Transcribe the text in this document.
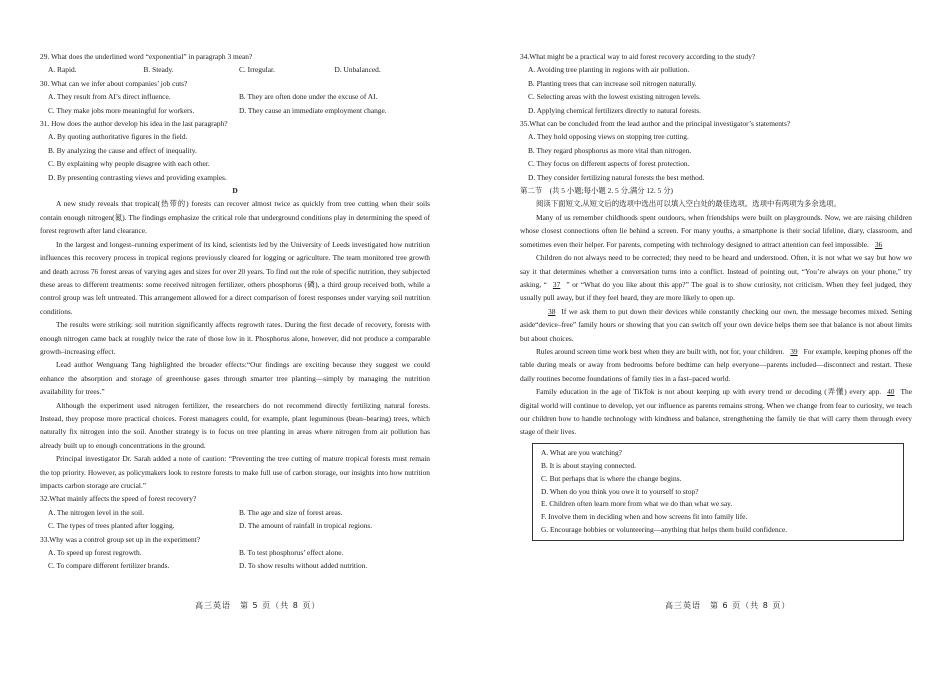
29. What does the underlined word “exponential” in paragraph 3 mean?

A. Rapid.	B. Steady.	C. Irregular.	D. Unbalanced.

30. What can we infer about companies’ job cuts?

A. They result from AI’s direct influence.	B. They are often done under the excuse of AI.
C. They make jobs more meaningful for workers.	D. They cause an immediate employment change.

31. How does the author develop his idea in the last paragraph?

A. By quoting authoritative figures in the field.
B. By analyzing the cause and effect of inequality.
C. By explaining why people disagree with each other.
D. By presenting contrasting views and providing examples.
D

A new study reveals that tropical(热带的) forests can recover almost twice as quickly from tree cutting when their soils contain enough nitrogen(氮). The findings emphasize the critical role that underground conditions play in determining the speed of forest regrowth after land clearance.

In the largest and longest–running experiment of its kind, scientists led by the University of Leeds investigated how nutrition influences this recovery process in tropical regions previously cleared for logging or agriculture. The team monitored tree growth and death across 76 forest areas of varying ages and sizes for over 20 years. To find out the role of specific nutrition, they subjected these areas to different treatments: some received nitrogen fertilizer, others phosphorus (磷), a third group received both, while a control group was left untreated. This arrangement allowed for a direct comparison of forest responses under varying soil nutrition conditions.

The results were striking: soil nutrition significantly affects regrowth rates. During the first decade of recovery, forests with enough nitrogen came back at roughly twice the rate of those low in it. Phosphorus alone, however, did not produce a comparable growth–increasing effect.

Lead author Wenguang Tang highlighted the broader effects:“Our findings are exciting because they suggest we could enhance the absorption and storage of greenhouse gases through smarter tree planting—simply by managing the nutrition availability for trees.”

Although the experiment used nitrogen fertilizer, the researchers do not recommend directly fertilizing natural forests. Instead, they propose more practical choices. Forest managers could, for example, plant leguminous (bean–bearing) trees, which naturally fix nitrogen into the soil. Another strategy is to focus on tree planting in areas where nitrogen from air pollution has already built up to enough concentrations in the ground.

Principal investigator Dr. Sarah added a note of caution: “Preventing the tree cutting of mature tropical forests must remain the top priority. However, as policymakers look to restore forests to make full use of carbon storage, our insights into how nutrition impacts carbon storage are crucial.”

32.What mainly affects the speed of forest recovery?

A. The nitrogen level in the soil.	B. The age and size of forest areas.
C. The types of trees planted after logging.	D. The amount of rainfall in tropical regions.

33.Why was a control group set up in the experiment?

A. To speed up forest regrowth.	B. To test phosphorus’ effect alone.
C. To compare different fertilizer brands.	D. To show results without added nutrition.
高三英语　第 5 页（共 8 页）

34.What might be a practical way to aid forest recovery according to the study?

A. Avoiding tree planting in regions with air pollution.
B. Planting trees that can increase soil nitrogen naturally.
C. Selecting areas with the lowest existing nitrogen levels.
D. Applying chemical fertilizers directly to natural forests.

35.What can be concluded from the lead author and the principal investigator’s statements?

A. They hold opposing views on stopping tree cutting.
B. They regard phosphorus as more vital than nitrogen.
C. They focus on different aspects of forest protection.
D. They consider fertilizing natural forests the best method.

第二节　(共 5 小题;每小题 2. 5 分,满分 12. 5 分)

阅读下面短文,从短文后的选项中选出可以填入空白处的最佳选项。选项中有两项为多余选项。

Many of us remember childhoods spent outdoors, when friendships were built on playgrounds. Now, we are raising children whose closest connections often lie behind a screen. For many youths, a smartphone is their social lifeline, diary, classroom, and sometimes even their helper. For parents, competing with technology designed to attract attention can feel impossible. 36

Children do not always need to be corrected; they need to be heard and understood. Often, it is not what we say but how we say it that determines whether a conversation turns into a conflict. Instead of pointing out, “You’re always on your phone,” try asking, “ 37 ” or “What do you like about this app?” The goal is to show curiosity, not criticism. When they feel judged, they usually pull away, but if they feel heard, they are more likely to open up.

38 If we ask them to put down their devices while constantly checking our own, the message becomes mixed. Setting aside“device–free” family hours or showing that you can switch off your own device helps them see that balance is not about limits but about choices.

Rules around screen time work best when they are built with, not for, your children. 39 For example, keeping phones off the table during meals or away from bedrooms before bedtime can help everyone—parents included—disconnect and restart. These daily routines become foundations of family ties in a fast–paced world.

Family education in the age of TikTok is not about keeping up with every trend or decoding (弄懂) every app. 40 The digital world will continue to develop, yet our influence as parents remains strong. When we change from fear to curiosity, we teach our children how to handle technology with kindness and balance, strengthening the family tie that will carry them through every stage of their lives.

A. What are you watching?
B. It is about staying connected.
C. But perhaps that is where the change begins.
D. When do you think you owe it to yourself to stop?
E. Children often learn more from what we do than what we say.
F. Involve them in deciding when and how screens fit into family life.
G. Encourage hobbies or volunteering—anything that helps them build confidence.
高三英语　第 6 页（共 8 页）
